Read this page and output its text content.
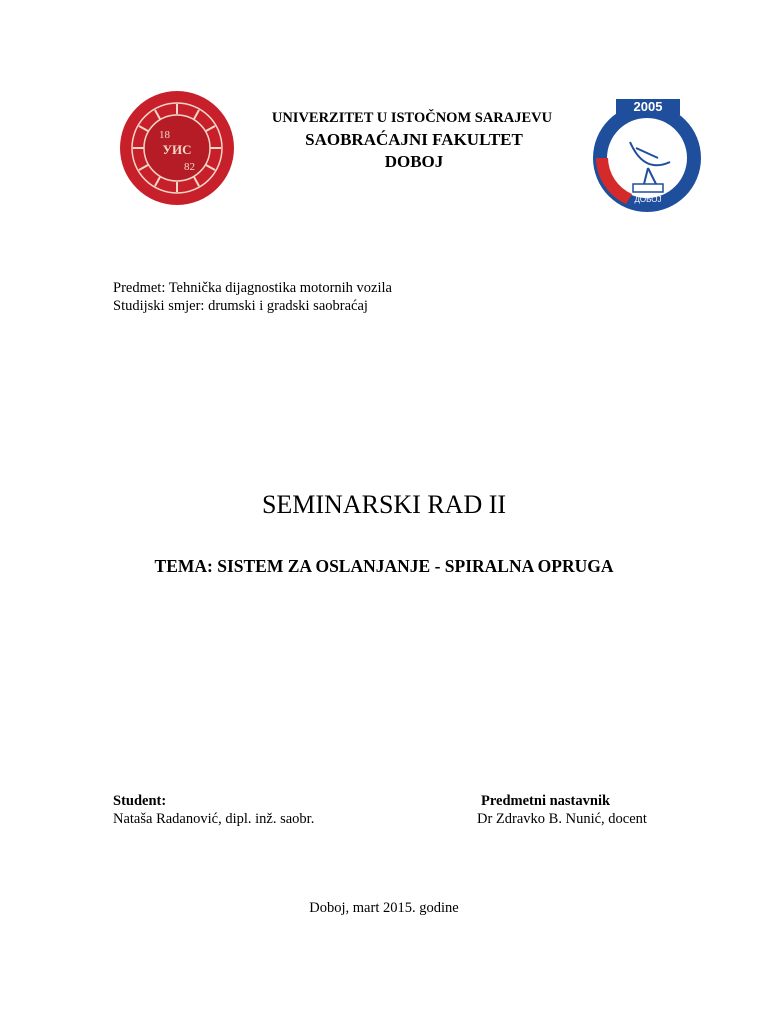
18
УИС
82
2005
ДОБОЈ
UNIVERZITET U ISTOČNOM SARAJEVU
SAOBRAĆAJNI FAKULTET
DOBOJ
Predmet: Tehnička dijagnostika motornih vozila
Studijski smjer: drumski i gradski saobraćaj
SEMINARSKI RAD II
TEMA: SISTEM ZA OSLANJANJE - SPIRALNA OPRUGA
Student:
Nataša Radanović, dipl. inž. saobr.
Predmetni nastavnik
Dr Zdravko B. Nunić, docent
Doboj, mart 2015. godine
